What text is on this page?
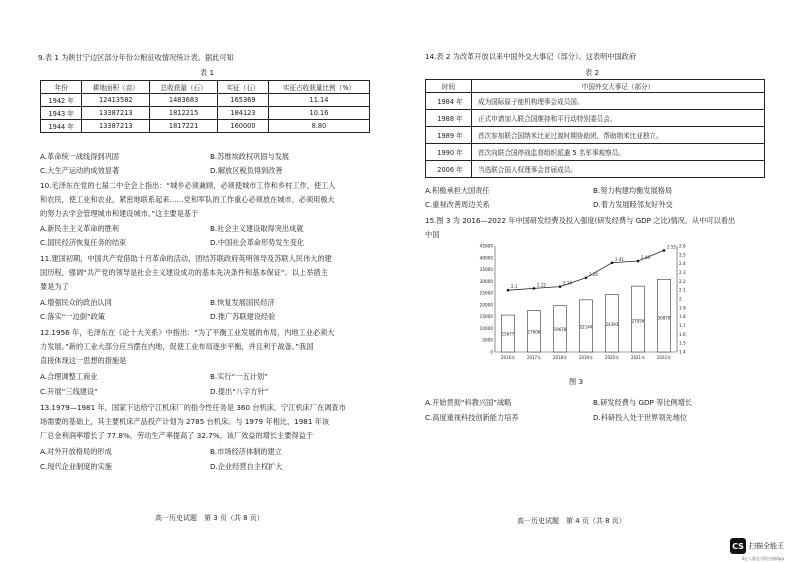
9.表 1 为陕甘宁边区部分年份公粮征收情况统计表。据此可知
表 1
年份	耕地面积（亩）	总收获量（石）	实征（石）	实征占收获量比例（%）
1942 年	12413582	1483683	165369	11.14
1943 年	13387213	1812215	184123	10.16
1944 年	13387213	1817221	160000	8.80
A.革命统一战线得到巩固	B.苏维埃政权巩固与发展
C.大生产运动的成效显著	D.解放区税负得到改善
10.毛泽东在党的七届二中全会上指出：“城乡必须兼顾，必须使城市工作和乡村工作，使工人
和农民，使工业和农业，紧密地联系起来……党和军队的工作重心必须放在城市，必须用极大
的努力去学会管理城市和建设城市。”这主要是基于
A.新民主主义革命的胜利	B.社会主义建设取得突出成就
C.国民经济恢复任务的结束	D.中国社会革命形势发生变化
11.建国初期，中国共产党借助十月革命的活动，团结苏联政府英明领导及苏联人民伟大的建
国历程，强调“共产党的领导是社会主义建设成功的基本先决条件和基本保证”。以上举措主
要是为了
A.增强民众的政治认同	B.恢复发展国民经济
C.落实“一边倒”政策	D.推广苏联建设经验
12.1956 年，毛泽东在《论十大关系》中指出：“为了平衡工业发展的布局，内地工业必须大
力发展。”新的工业大部分应当摆在内地，促使工业布局逐步平衡，并且利于战备。”我国
直接体现这一思想的措施是
A.合理调整工商业	B.实行“一五计划”
C.开展“三线建设”	D.提出“八字方针”
13.1979—1981 年，国家下达给宁江机床厂的指令性任务是 360 台机床，宁江机床厂在调查市
场需要的基础上，其主要机床产品投产计划为 2785 台机床。与 1979 年相比，1981 年该
厂总金利润率增长了 77.8%，劳动生产率提高了 32.7%。该厂效益的增长主要得益于
A.对外开放格局的形成	B.市场经济体制的建立
C.现代企业制度的实施	D.企业经营自主权扩大
高一历史试题　第 3 页（共 8 页）
14.表 2 为改革开放以来中国外交大事记（部分）。这表明中国政府
表 2
时间	中国外交大事记（部分）
1984 年	成为国际原子能机构理事会成员国。
1988 年	正式申请加入联合国维持和平行动特别委员会。
1989 年	首次参加联合国纳米比亚过渡时期协助团，帮助纳米比亚独立。
1990 年	首次向联合国停战监督组织派遣 5 名军事观察员。
2006 年	当选联合国人权理事会首届成员。
A.积极承担大国责任	B.努力构建均衡发展格局
C.重视改善周边关系	D.着力发展睦邻友好外交
15.图 3 为 2016—2022 年中国研发经费及投入强度(研发经费与 GDP 之比)情况。从中可以看出
中国
0
5000
10000
15000
20000
25000
30000
35000
40000
45000
1.4
1.5
1.6
1.7
1.8
1.9
2
2.1
2.2
2.3
2.4
2.5
2.6
15677
2016年
17606
2017年
19678
2018年
22144
2019年
24393
2020年
27956
2021年
30870
2022年
2.1	2.12	2.14
2.24
2.41	2.43
2.55
图 3
A.开始贯彻“科教兴国”战略	B.研发经费与 GDP 等比例增长
C.高度重视科技创新能力培养	D.科研投入处于世界领先地位
高一历史试题　第 4 页（共 8 页）
CS 扫描全能王
3亿人都在用的扫描App
